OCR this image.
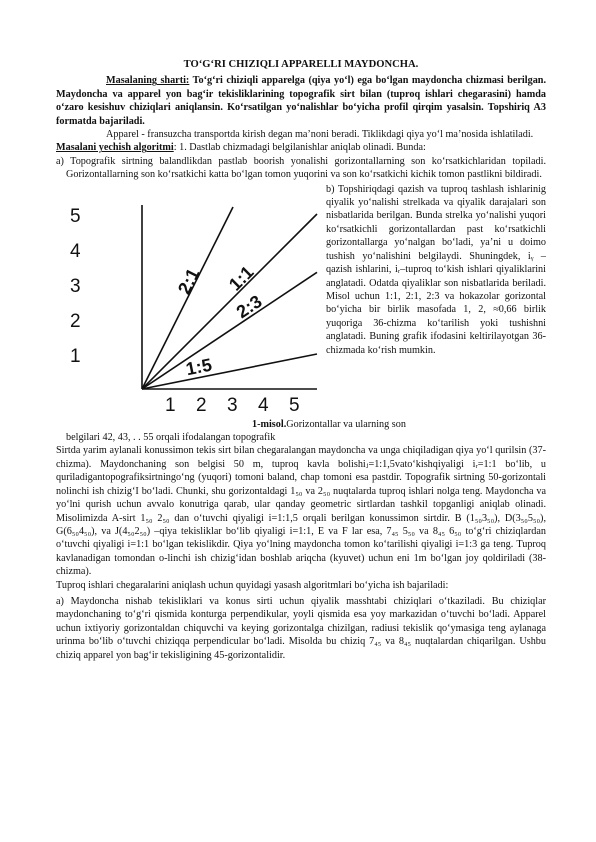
TO‘G‘RI CHIZIQLI APPARELLI MAYDONCHA.

Masalaning sharti: To‘g‘ri chiziqli apparelga (qiya yo‘l) ega bo‘lgan maydoncha chizmasi berilgan. Maydoncha va apparel yon bag‘ir tekisliklarining topografik sirt bilan (tuproq ishlari chegarasini) hamda o‘zaro kesishuv chiziqlari aniqlansin. Ko‘rsatilgan yo‘nalishlar bo‘yicha profil qirqim yasalsin. Topshiriq A3 formatda bajariladi.

Apparel - fransuzcha transportda kirish degan ma’noni beradi. Tiklikdagi qiya yo‘l ma’nosida ishlatiladi.

Masalani yechish algoritmi: 1. Dastlab chizmadagi belgilanishlar aniqlab olinadi. Bunda:

a) Topografik sirtning balandlikdan pastlab boorish yonalishi gorizontallarning son ko‘rsatkichlaridan topiladi. Gorizontallarning son ko‘rsatkichi katta bo‘lgan tomon yuqorini va son ko‘rsatkichi kichik tomon pastlikni bildiradi.

1
2
3
4
5
1 2 3 4 5
2:1 1:1
2:3
1:5

b) Topshiriqdagi qazish va tuproq tashlash ishlarinig qiyalik yo‘nalishi strelkada va qiyalik darajalari son nisbatlarida berilgan. Bunda strelka yo‘nalishi yuqori ko‘rsatkichli gorizontallardan past ko‘rsatkichli gorizontallarga yo‘nalgan bo‘ladi, ya’ni u doimo tushish yo‘nalishini belgilaydi. Shuningdek, iᵧ – qazish ishlarini, iᵣ–tuproq to‘kish ishlari qiyaliklarini anglatadi. Odatda qiyaliklar son nisbatlarida beriladi. Misol uchun 1:1, 2:1, 2:3 va hokazolar gorizontal bo‘yicha bir birlik masofada 1, 2, ≈0,66 birlik yuqoriga 36-chizma ko‘tarilish yoki tushishni anglatadi. Buning grafik ifodasini keltirilayotgan 36- chizmada ko‘rish mumkin.

1-misol.Gorizontallar va ularning son

belgilari 42, 43, . . 55 orqali ifodalangan topografik

Sirtda yarim aylanali konussimon tekis sirt bilan chegaralangan maydoncha va unga chiqiladigan qiya yo‘l qurilsin (37-chizma). Maydonchaning son belgisi 50 m, tuproq kavla bolishiⱼ=1:1,5vato‘kishqiyaligi iᵣ=1:1 bo‘lib, u quriladigantopografiksirtningo‘ng (yuqori) tomoni baland, chap tomoni esa pastdir. Topografik sirtning 50-gorizontali nolinchi ish chizig‘I bo‘ladi. Chunki, shu gorizontaldagi 1₅₀ va 2₅₀ nuqtalarda tuproq ishlari nolga teng. Maydoncha va yo‘lni qurish uchun avvalo konutriga qarab, ular qanday geometric sirtlardan tashkil topganligi aniqlab olinadi. Misolimizda A-sirt 1₅₀ 2₅₀ dan o‘tuvchi qiyaligi i=1:1,5 orqali berilgan konussimon sirtdir. B (1₅₀3₅₀), D(3₅₀5₅₀), G(6₅₀4₅₀), va J(4₅₀2₅₀) –qiya tekisliklar bo‘lib qiyaligi i=1:1, E va F lar esa, 7₄₅ 5₅₀ va 8₄₅ 6₅₀ to‘g‘ri chiziqlardan o‘tuvchi qiyaligi i=1:1 bo‘lgan tekislikdir. Qiya yo‘lning maydoncha tomon ko‘tarilishi qiyaligi i=1:3 ga teng. Tuproq kavlanadigan tomondan o-linchi ish chizig‘idan boshlab ariqcha (kyuvet) uchun eni 1m bo‘lgan joy qoldiriladi (38-chizma).

Tuproq ishlari chegaralarini aniqlash uchun quyidagi yasash algoritmlari bo‘yicha ish bajariladi:

a) Maydoncha nishab tekisliklari va konus sirti uchun qiyalik masshtabi chiziqlari o‘tkaziladi. Bu chiziqlar maydonchaning to‘g‘ri qismida konturga perpendikular, yoyli qismida esa yoy markazidan o‘tuvchi bo‘ladi. Apparel uchun ixtiyoriy gorizontaldan chiquvchi va keying gorizontalga chizilgan, radiusi tekislik qo‘ymasiga teng aylanaga urinma bo‘lib o‘tuvchi chiziqqa perpendicular bo‘ladi. Misolda bu chiziq 7₄₅ va 8₄₅ nuqtalardan chiqarilgan. Ushbu chiziq apparel yon bag‘ir tekisligining 45-gorizontalidir.
